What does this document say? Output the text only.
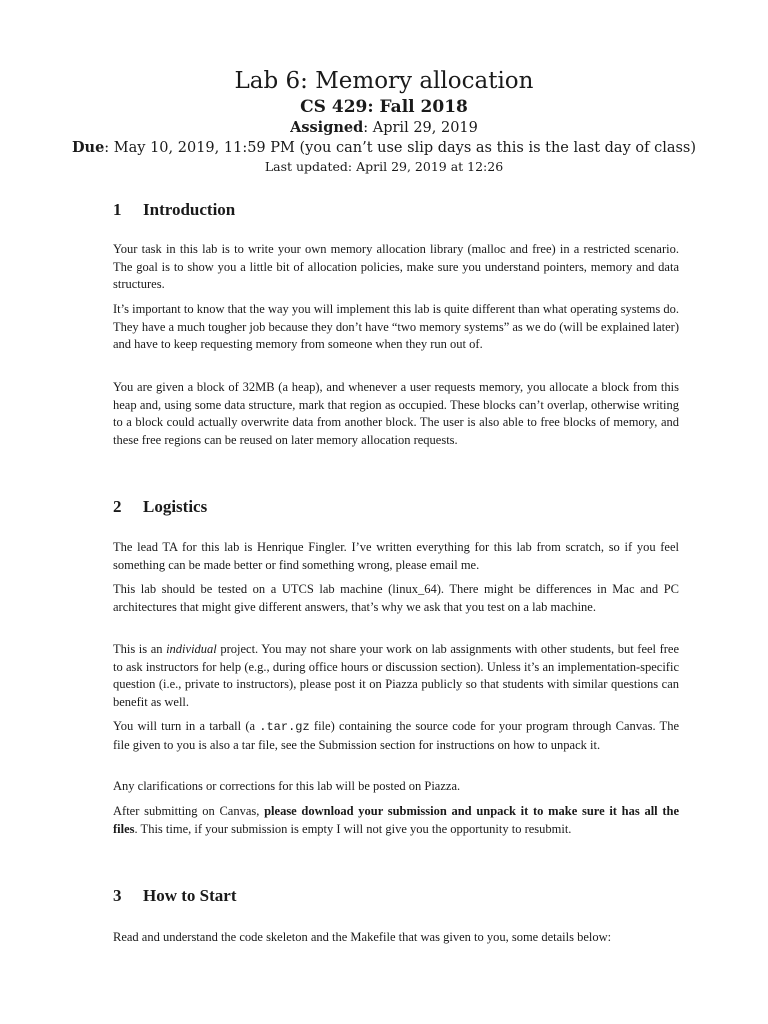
Lab 6: Memory allocation

CS 429: Fall 2018

Assigned: April 29, 2019

Due: May 10, 2019, 11:59 PM (you can’t use slip days as this is the last day of class)

Last updated: April 29, 2019 at 12:26

1 Introduction

Your task in this lab is to write your own memory allocation library (malloc and free) in a restricted scenario. The goal is to show you a little bit of allocation policies, make sure you understand pointers, memory and data structures.

It’s important to know that the way you will implement this lab is quite different than what operating systems do. They have a much tougher job because they don’t have “two memory systems” as we do (will be explained later) and have to keep requesting memory from someone when they run out of.

You are given a block of 32MB (a heap), and whenever a user requests memory, you allocate a block from this heap and, using some data structure, mark that region as occupied. These blocks can’t overlap, otherwise writing to a block could actually overwrite data from another block. The user is also able to free blocks of memory, and these free regions can be reused on later memory allocation requests.

2 Logistics

The lead TA for this lab is Henrique Fingler. I’ve written everything for this lab from scratch, so if you feel something can be made better or find something wrong, please email me.

This lab should be tested on a UTCS lab machine (linux_64). There might be differences in Mac and PC architectures that might give different answers, that’s why we ask that you test on a lab machine.

This is an individual project. You may not share your work on lab assignments with other students, but feel free to ask instructors for help (e.g., during office hours or discussion section). Unless it’s an implementation-specific question (i.e., private to instructors), please post it on Piazza publicly so that students with similar questions can benefit as well.

You will turn in a tarball (a .tar.gz file) containing the source code for your program through Canvas. The file given to you is also a tar file, see the Submission section for instructions on how to unpack it.

Any clarifications or corrections for this lab will be posted on Piazza.

After submitting on Canvas, please download your submission and unpack it to make sure it has all the files. This time, if your submission is empty I will not give you the opportunity to resubmit.

3 How to Start

Read and understand the code skeleton and the Makefile that was given to you, some details below:
